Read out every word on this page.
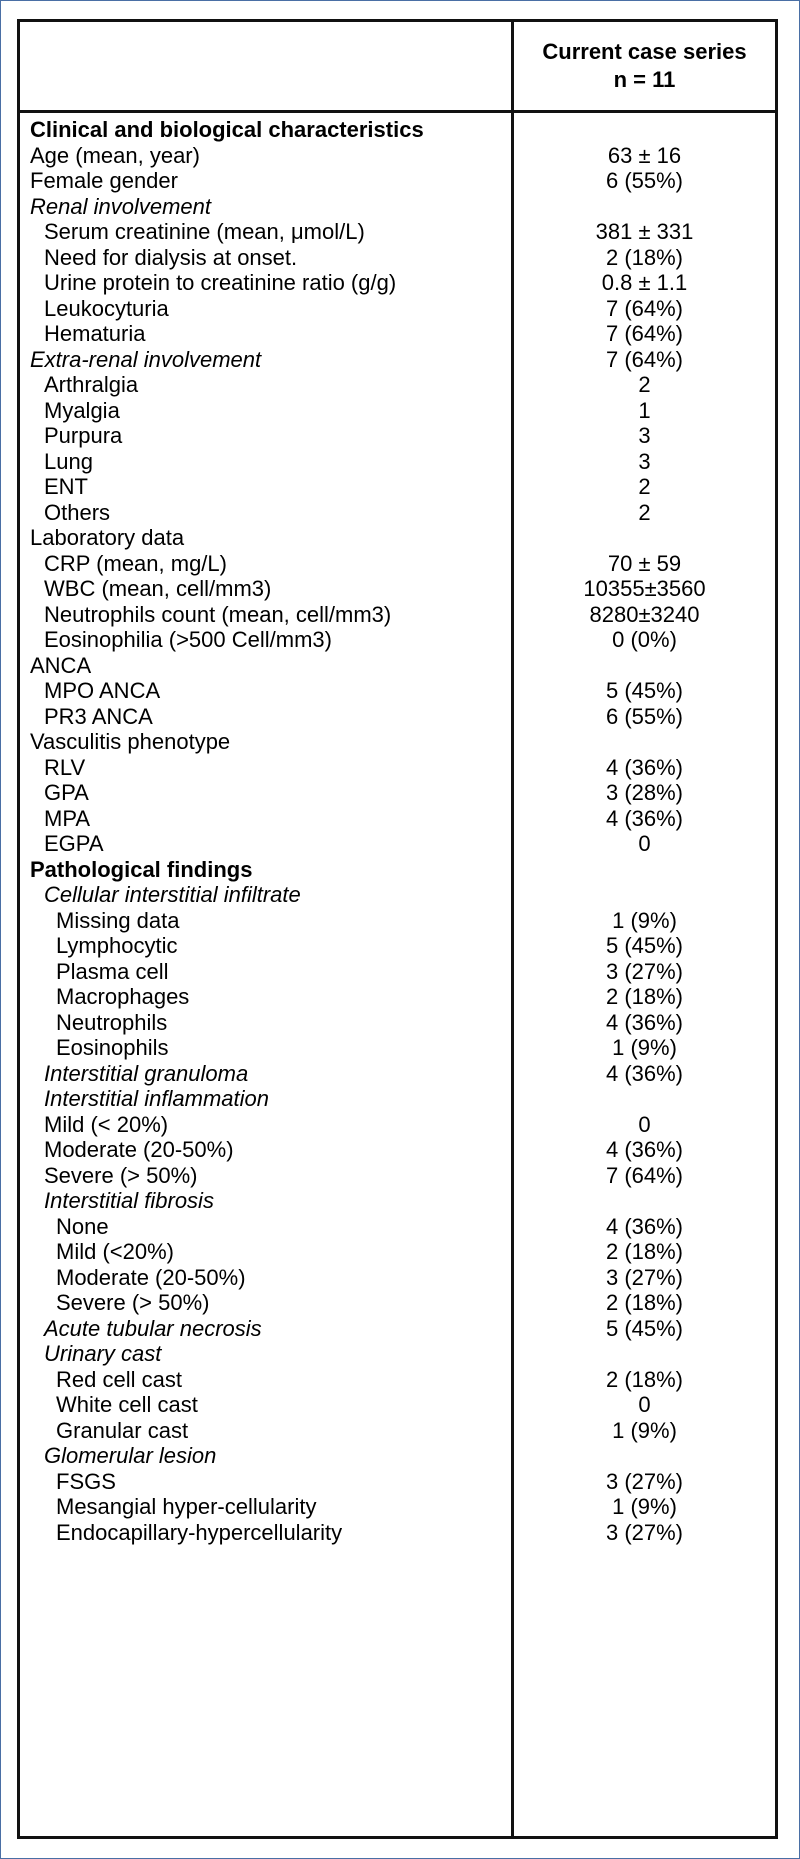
Current case series
n = 11
Clinical and biological characteristics
Age (mean, year)	63 ± 16
Female gender	6 (55%)
Renal involvement
Serum creatinine (mean, μmol/L)	381 ± 331
Need for dialysis at onset.	2 (18%)
Urine protein to creatinine ratio (g/g)	0.8 ± 1.1
Leukocyturia	7 (64%)
Hematuria	7 (64%)
Extra-renal involvement	7 (64%)
Arthralgia	2
Myalgia	1
Purpura	3
Lung	3
ENT	2
Others	2
Laboratory data
CRP (mean, mg/L)	70 ± 59
WBC (mean, cell/mm3)	10355±3560
Neutrophils count (mean, cell/mm3)	8280±3240
Eosinophilia (>500 Cell/mm3)	0 (0%)
ANCA
MPO ANCA	5 (45%)
PR3 ANCA	6 (55%)
Vasculitis phenotype
RLV	4 (36%)
GPA	3 (28%)
MPA	4 (36%)
EGPA	0
Pathological findings
Cellular interstitial infiltrate
Missing data	1 (9%)
Lymphocytic	5 (45%)
Plasma cell	3 (27%)
Macrophages	2 (18%)
Neutrophils	4 (36%)
Eosinophils	1 (9%)
Interstitial granuloma	4 (36%)
Interstitial inflammation
Mild (< 20%)	0
Moderate (20-50%)	4 (36%)
Severe (> 50%)	7 (64%)
Interstitial fibrosis
None	4 (36%)
Mild (<20%)	2 (18%)
Moderate (20-50%)	3 (27%)
Severe (> 50%)	2 (18%)
Acute tubular necrosis	5 (45%)
Urinary cast
Red cell cast	2 (18%)
White cell cast	0
Granular cast	1 (9%)
Glomerular lesion
FSGS	3 (27%)
Mesangial hyper-cellularity	1 (9%)
Endocapillary-hypercellularity	3 (27%)
